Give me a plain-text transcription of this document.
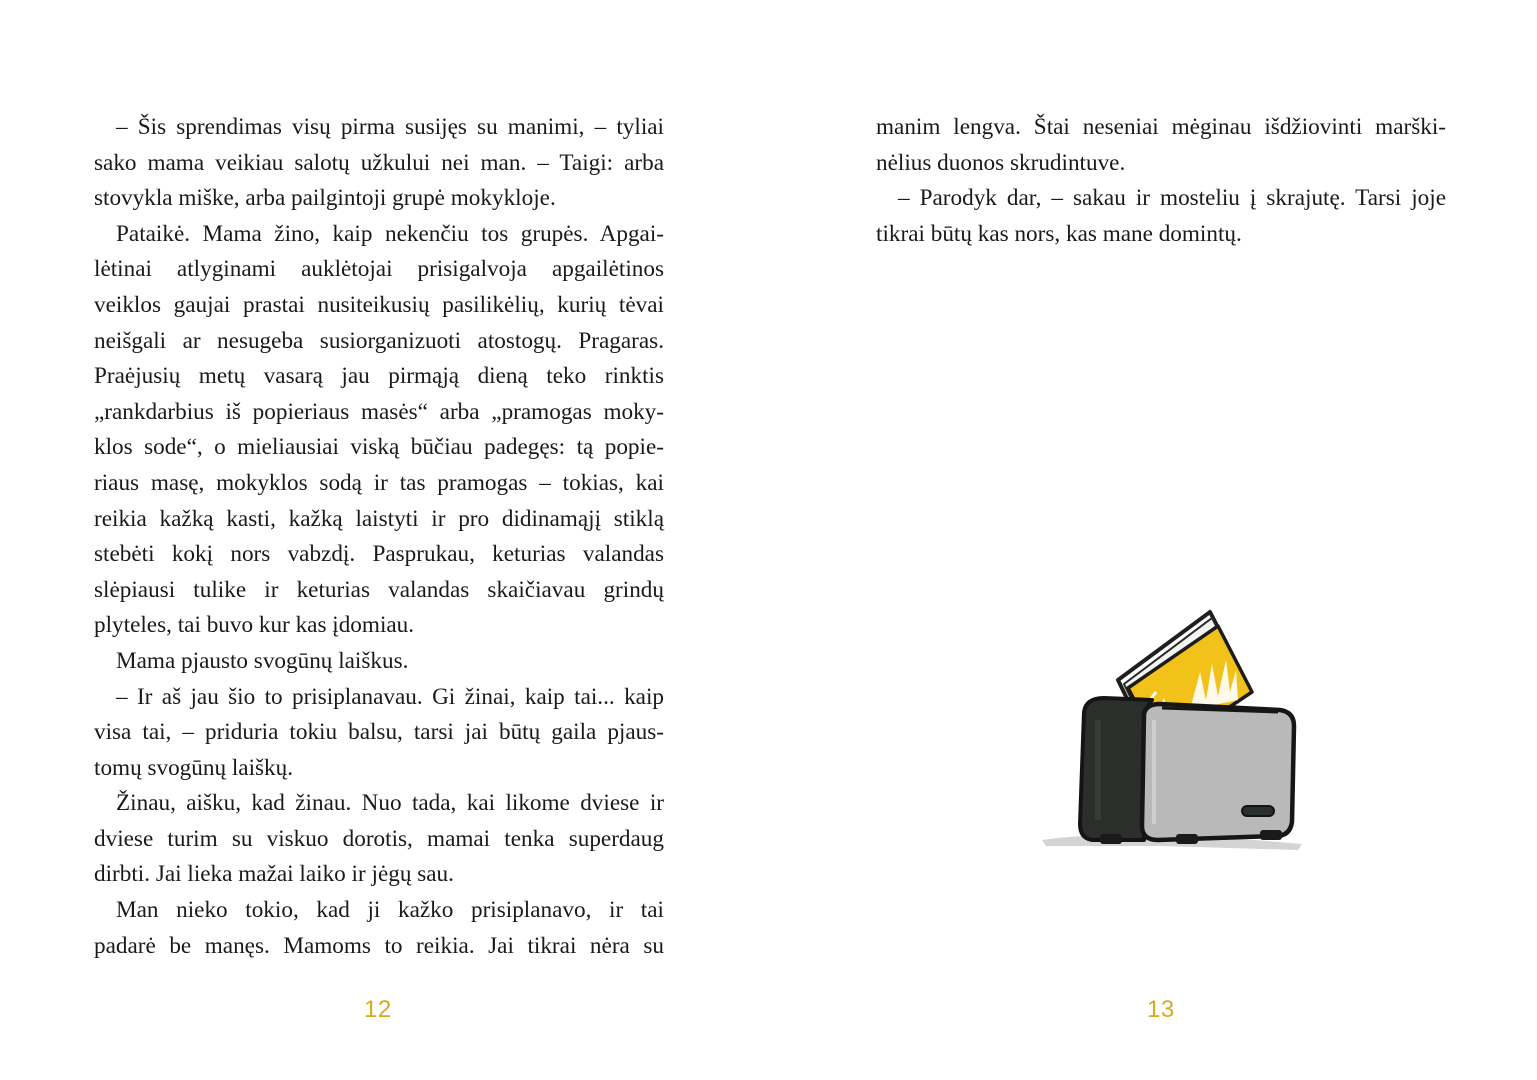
– Šis sprendimas visų pirma susijęs su manimi, – tyliai
sako mama veikiau salotų užkului nei man. – Taigi: arba
stovykla miške, arba pailgintoji grupė mokykloje.
Pataikė. Mama žino, kaip nekenčiu tos grupės. Apgai-
lėtinai atlyginami auklėtojai prisigalvoja apgailėtinos
veiklos gaujai prastai nusiteikusių pasilikėlių, kurių tėvai
neišgali ar nesugeba susiorganizuoti atostogų. Pragaras.
Praėjusių metų vasarą jau pirmąją dieną teko rinktis
„rankdarbius iš popieriaus masės“ arba „pramogas moky-
klos sode“, o mieliausiai viską būčiau padegęs: tą popie-
riaus masę, mokyklos sodą ir tas pramogas – tokias, kai
reikia kažką kasti, kažką laistyti ir pro didinamąjį stiklą
stebėti kokį nors vabzdį. Pasprukau, keturias valandas
slėpiausi tulike ir keturias valandas skaičiavau grindų
plyteles, tai buvo kur kas įdomiau.
Mama pjausto svogūnų laiškus.
– Ir aš jau šio to prisiplanavau. Gi žinai, kaip tai... kaip
visa tai, – priduria tokiu balsu, tarsi jai būtų gaila pjaus-
tomų svogūnų laiškų.
Žinau, aišku, kad žinau. Nuo tada, kai likome dviese ir
dviese turim su viskuo dorotis, mamai tenka superdaug
dirbti. Jai lieka mažai laiko ir jėgų sau.
Man nieko tokio, kad ji kažko prisiplanavo, ir tai
padarė be manęs. Mamoms to reikia. Jai tikrai nėra su
12
manim lengva. Štai neseniai mėginau išdžiovinti marški-
nėlius duonos skrudintuve.
– Parodyk dar, – sakau ir mosteliu į skrajutę. Tarsi joje
tikrai būtų kas nors, kas mane domintų.
13
